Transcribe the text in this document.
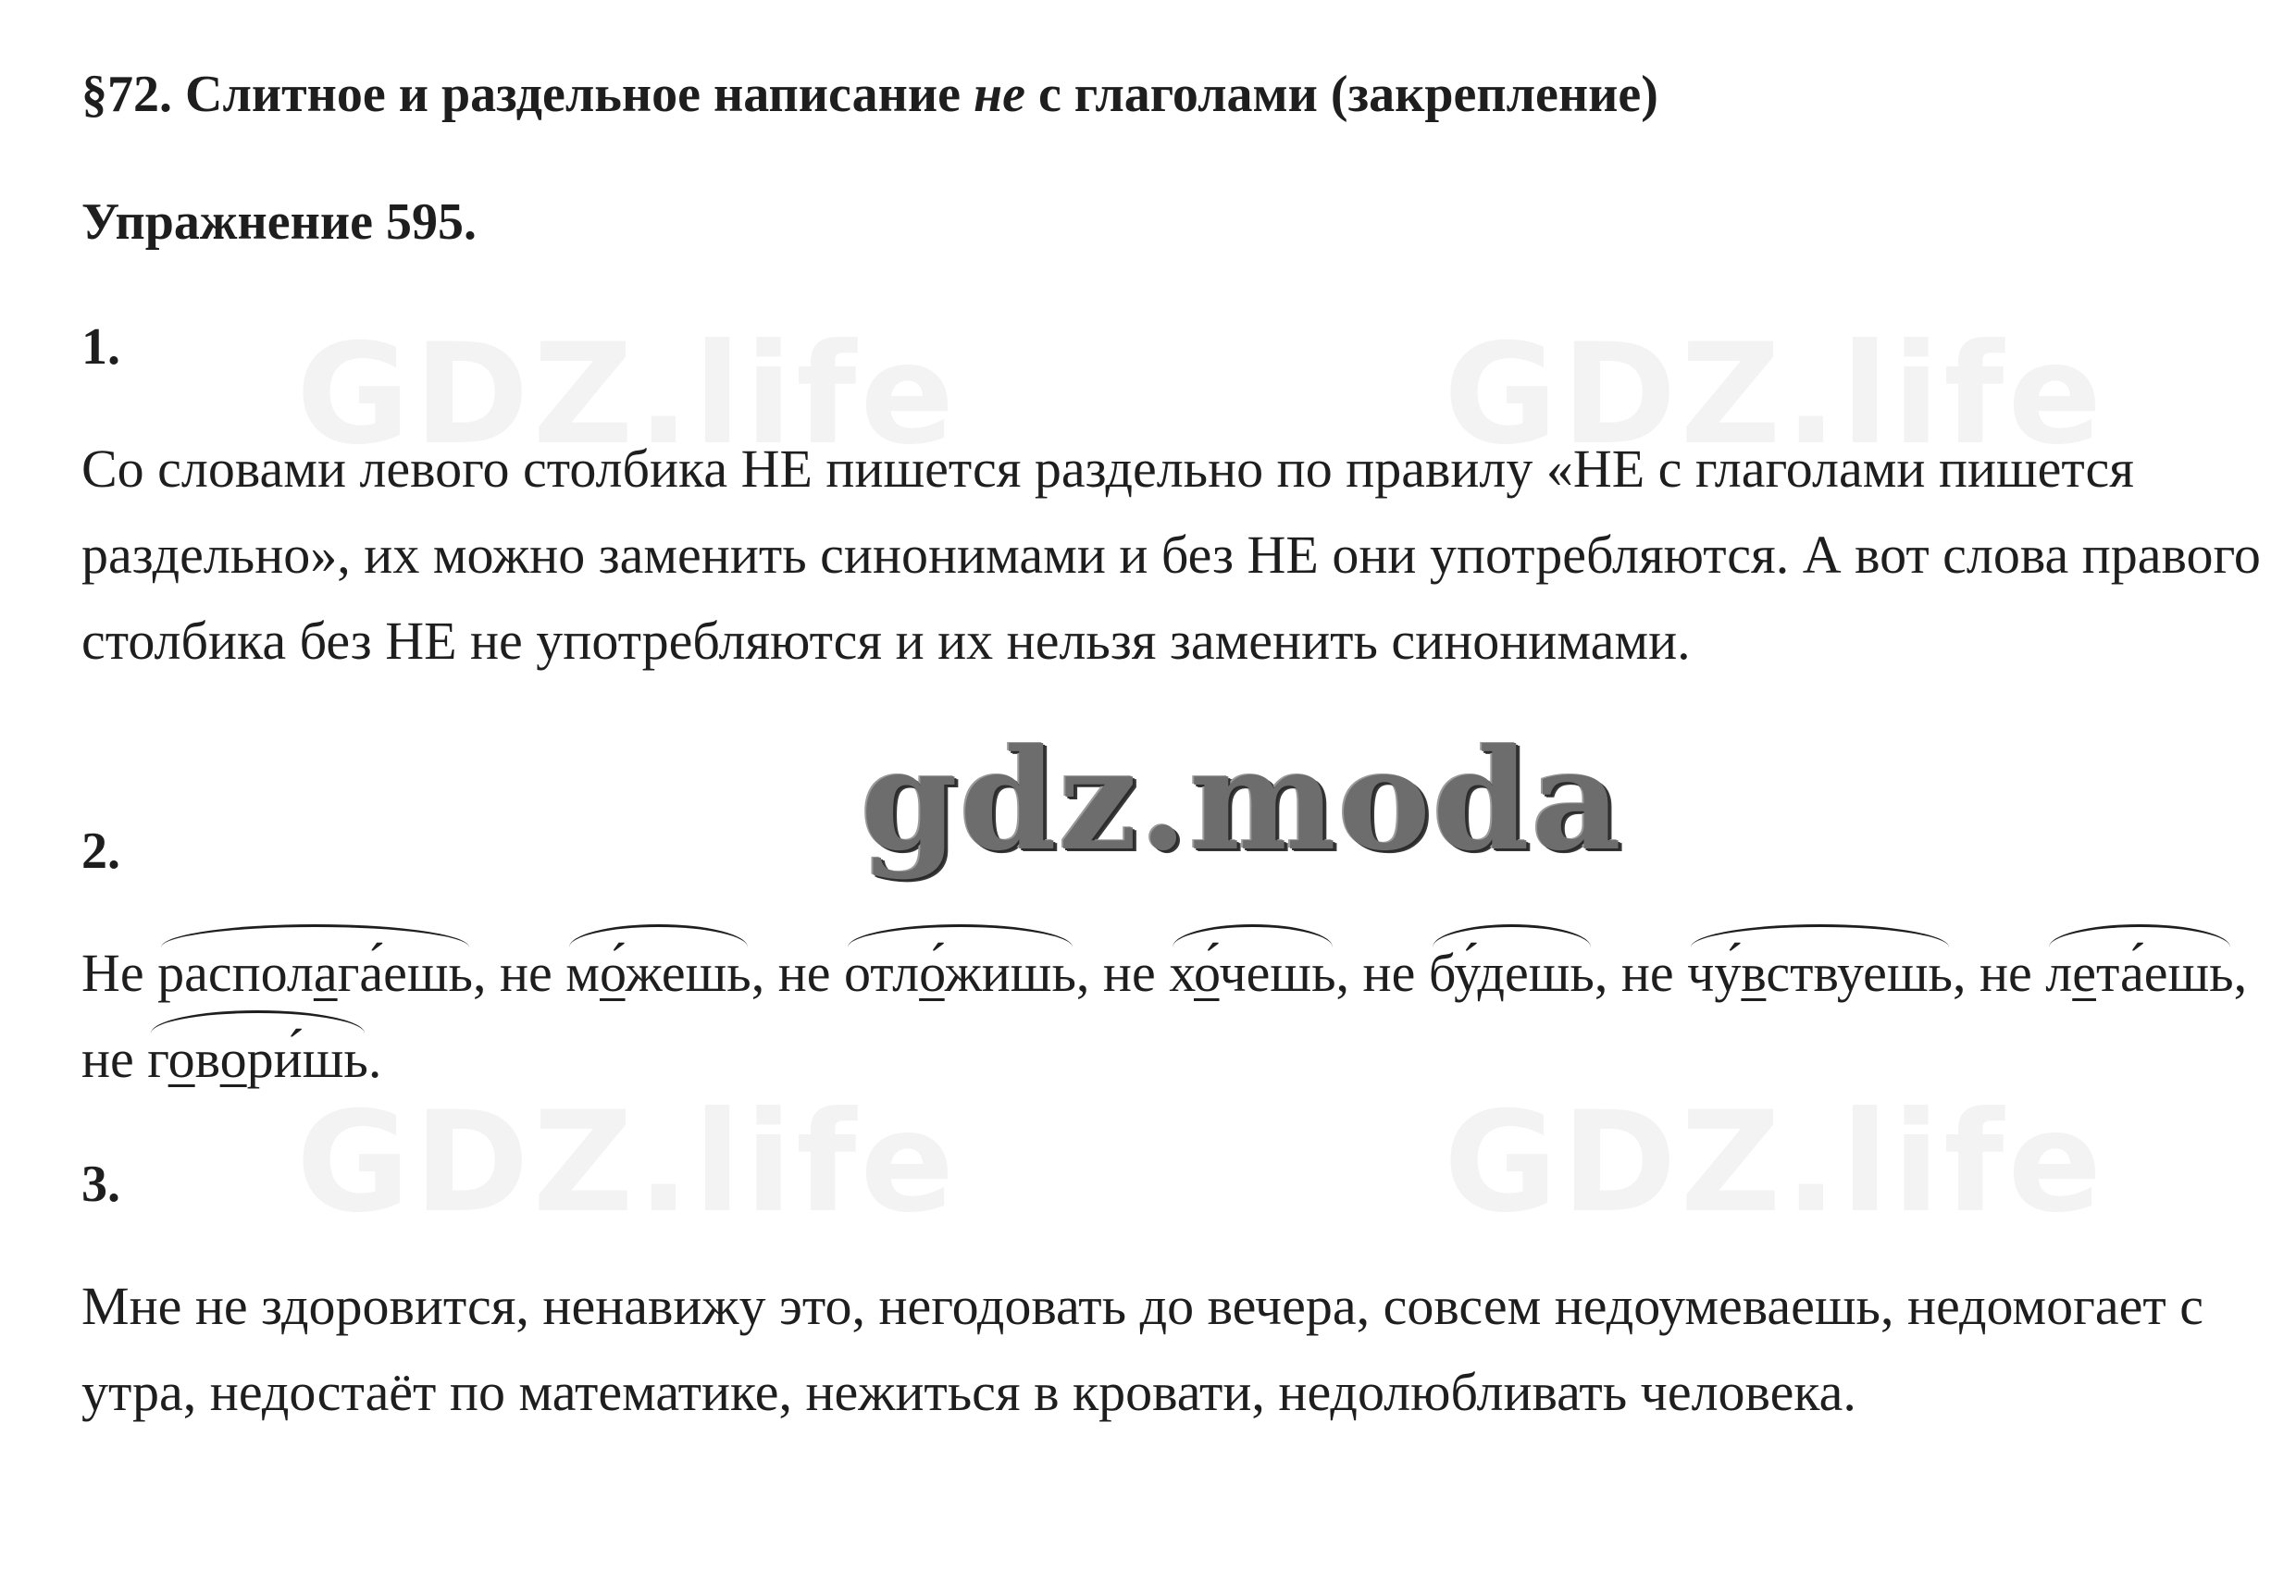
GDZ.life	GDZ.life
GDZ.life	GDZ.life
§72. Слитное и раздельное написание не с глаголами (закрепление)
Упражнение 595.
1.

Со словами левого столбика НЕ пишется раздельно по правилу «НЕ с глаголами пишется раздельно», их можно заменить синонимами и без НЕ они употребляются. А вот слова правого столбика без НЕ не употребляются и их нельзя заменить синонимами.

gdz.moda
2.

Не располага́ешь
, не мо́жешь
, не отло́жишь
, не хо́чешь
, не бу́дешь
, не чу́вствуешь
, не лета́ешь
, не говори́шь
.

3.

Мне не здоровится, ненавижу это, негодовать до вечера, совсем недоумеваешь, недомогает с утра, недостаёт по математике, нежиться в кровати, недолюбливать человека.
